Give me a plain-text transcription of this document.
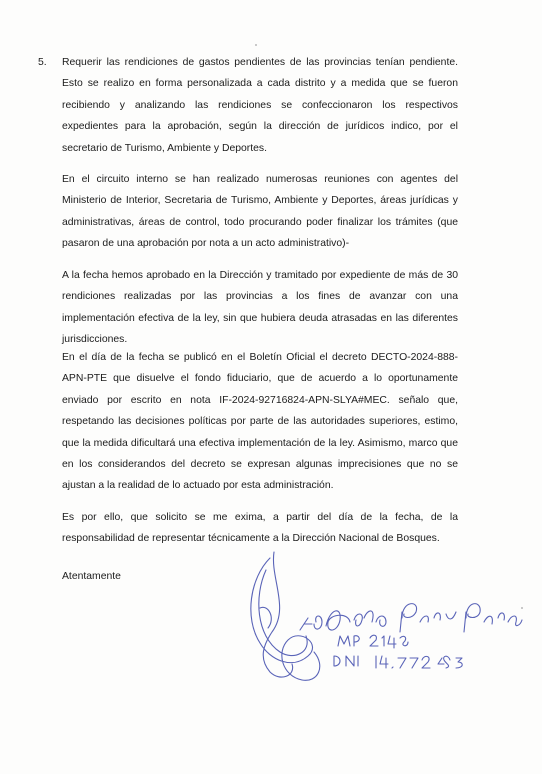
5. Requerir las rendiciones de gastos pendientes de las provincias tenían pendiente. Esto se realizo en forma personalizada a cada distrito y a medida que se fueron recibiendo y analizando las rendiciones se confeccionaron los respectivos expedientes para la aprobación, según la dirección de jurídicos indico, por el secretario de Turismo, Ambiente y Deportes.

En el circuito interno se han realizado numerosas reuniones con agentes del Ministerio de Interior, Secretaria de Turismo, Ambiente y Deportes, áreas jurídicas y administrativas, áreas de control, todo procurando poder finalizar los trámites (que pasaron de una aprobación por nota a un acto administrativo)-

A la fecha hemos aprobado en la Dirección y tramitado por expediente de más de 30 rendiciones realizadas por las provincias a los fines de avanzar con una implementación efectiva de la ley, sin que hubiera deuda atrasadas en las diferentes jurisdicciones.

En el día de la fecha se publicó en el Boletín Oficial el decreto DECTO-2024-888- APN-PTE que disuelve el fondo fiduciario, que de acuerdo a lo oportunamente enviado por escrito en nota IF-2024-92716824-APN-SLYA#MEC. señalo que, respetando las decisiones políticas por parte de las autoridades superiores, estimo, que la medida dificultará una efectiva implementación de la ley. Asimismo, marco que en los considerandos del decreto se expresan algunas imprecisiones que no se ajustan a la realidad de lo actuado por esta administración.

Es por ello, que solicito se me exima, a partir del día de la fecha, de la responsabilidad de representar técnicamente a la Dirección Nacional de Bosques.

Atentamente
